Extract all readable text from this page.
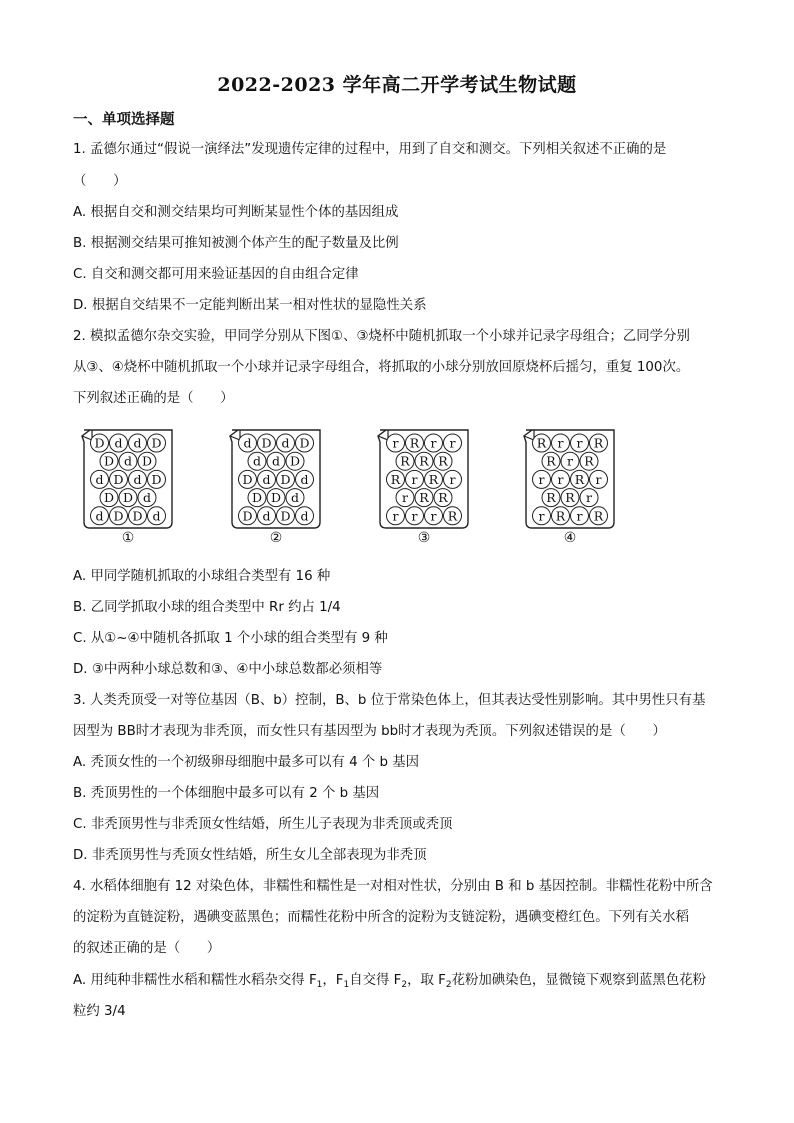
2022-2023 学年高二开学考试生物试题
一、单项选择题
1. 孟德尔通过“假说一演绎法”发现遗传定律的过程中，用到了自交和测交。下列相关叙述不正确的是
（　　）
A. 根据自交和测交结果均可判断某显性个体的基因组成
B. 根据测交结果可推知被测个体产生的配子数量及比例
C. 自交和测交都可用来验证基因的自由组合定律
D. 根据自交结果不一定能判断出某一相对性状的显隐性关系
2. 模拟孟德尔杂交实验，甲同学分别从下图①、③烧杯中随机抓取一个小球并记录字母组合；乙同学分别
从③、④烧杯中随机抓取一个小球并记录字母组合，将抓取的小球分别放回原烧杯后摇匀，重复 100次。
下列叙述正确的是（　　）
D d d D
D d D
d D d D
D D d
d D D d
①
d D d D
d d D
D d D d
D D d
D d D d
②
r R r r
R R R
R r R r
r R R
r r r R
③
R r r R
R r R
r r R r
R R r
r R r R
④
A. 甲同学随机抓取的小球组合类型有 16 种
B. 乙同学抓取小球的组合类型中 Rr 约占 1/4
C. 从①~④中随机各抓取 1 个小球的组合类型有 9 种
D. ③中两种小球总数和③、④中小球总数都必须相等
3. 人类秃顶受一对等位基因（B、b）控制，B、b 位于常染色体上，但其表达受性别影响。其中男性只有基
因型为 BB时才表现为非秃顶，而女性只有基因型为 bb时才表现为秃顶。下列叙述错误的是（　　）
A. 秃顶女性的一个初级卵母细胞中最多可以有 4 个 b 基因
B. 秃顶男性的一个体细胞中最多可以有 2 个 b 基因
C. 非秃顶男性与非秃顶女性结婚，所生儿子表现为非秃顶或秃顶
D. 非秃顶男性与秃顶女性结婚，所生女儿全部表现为非秃顶
4. 水稻体细胞有 12 对染色体，非糯性和糯性是一对相对性状，分别由 B 和 b 基因控制。非糯性花粉中所含
的淀粉为直链淀粉，遇碘变蓝黑色；而糯性花粉中所含的淀粉为支链淀粉，遇碘变橙红色。下列有关水稻
的叙述正确的是（　　）
A. 用纯种非糯性水稻和糯性水稻杂交得 $F_1$，$F_1$自交得 $F_2$，取 $F_2$花粉加碘染色，显微镜下观察到蓝黑色花粉
粒约 3/4
